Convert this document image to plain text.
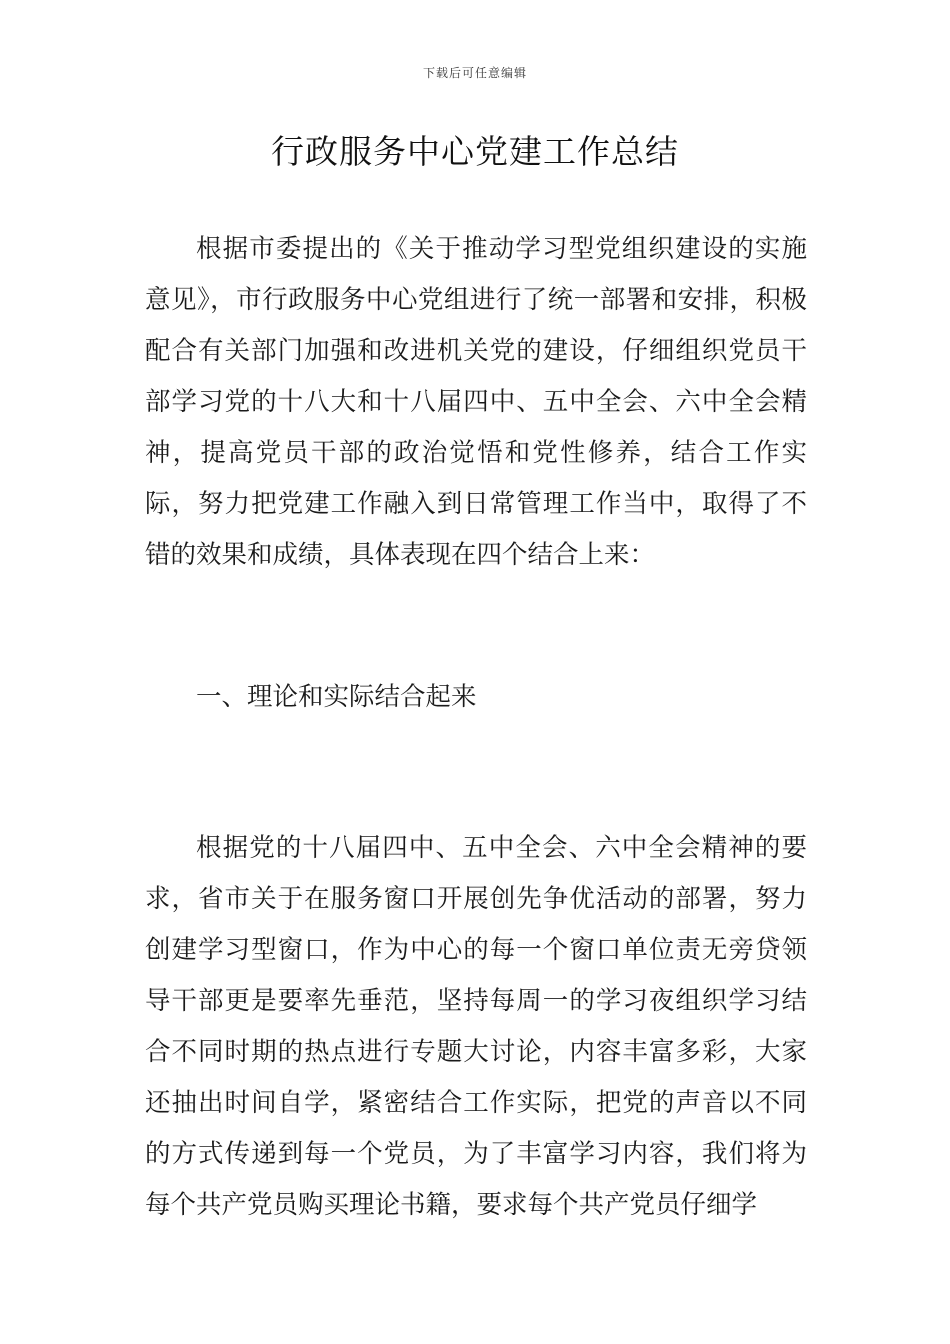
下载后可任意编辑
行政服务中心党建工作总结

根据市委提出的《关于推动学习型党组织建设的实施意见》，市行政服务中心党组进行了统一部署和安排，积极配合有关部门加强和改进机关党的建设，仔细组织党员干部学习党的十八大和十八届四中、五中全会、六中全会精神，提高党员干部的政治觉悟和党性修养，结合工作实际，努力把党建工作融入到日常管理工作当中，取得了不错的效果和成绩，具体表现在四个结合上来：

一、理论和实际结合起来

根据党的十八届四中、五中全会、六中全会精神的要求，省市关于在服务窗口开展创先争优活动的部署，努力创建学习型窗口，作为中心的每一个窗口单位责无旁贷领导干部更是要率先垂范，坚持每周一的学习夜组织学习结合不同时期的热点进行专题大讨论，内容丰富多彩，大家还抽出时间自学，紧密结合工作实际，把党的声音以不同的方式传递到每一个党员，为了丰富学习内容，我们将为每个共产党员购买理论书籍，要求每个共产党员仔细学
